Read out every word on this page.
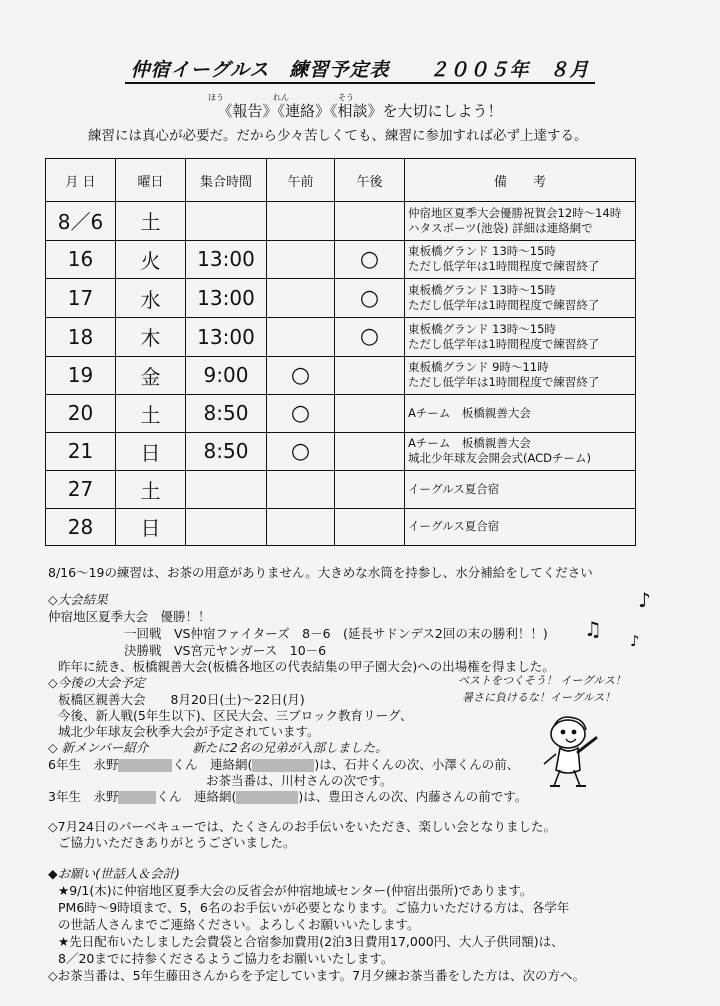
仲宿イーグルス　練習予定表　　２００５年　８月
ほう	れん	そう
《報告》《連絡》《相談》を大切にしよう！
練習には真心が必要だ。だから少々苦しくても、練習に参加すれば必ず上達する。
月 日	曜日	集合時間	午前	午後	備　　考
8／6	土				仲宿地区夏季大会優勝祝賀会12時～14時
ハタスポーツ(池袋) 詳細は連絡網で

16	火	13:00		○	東板橋グランド 13時～15時
ただし低学年は1時間程度で練習終了

17	水	13:00		○	東板橋グランド 13時～15時
ただし低学年は1時間程度で練習終了

18	木	13:00		○	東板橋グランド 13時～15時
ただし低学年は1時間程度で練習終了

19	金	9:00	○		東板橋グランド 9時～11時
ただし低学年は1時間程度で練習終了

20	土	8:50	○		Aチーム　板橋親善大会

21	日	8:50	○		Aチーム　板橋親善大会
城北少年球友会開会式(ACDチーム)

27	土				イーグルス夏合宿

28	日				イーグルス夏合宿
8/16～19の練習は、お茶の用意がありません。大きめな水筒を持参し、水分補給をしてください
♪
♫ ♪
◇大会結果
仲宿地区夏季大会　優勝！！
一回戦　VS仲宿ファイターズ　8－6　(延長サドンデス2回の末の勝利！！)
決勝戦　VS宮元ヤンガース　10－6
昨年に続き、板橋親善大会(板橋各地区の代表結集の甲子園大会)への出場権を得ました。
◇今後の大会予定
板橋区親善大会　　8月20日(土)～22日(月)
今後、新人戦(5年生以下)、区民大会、三ブロック教育リーグ、
城北少年球友会秋季大会が予定されています。
ベストをつくそう！ イーグルス！
暑さに負けるな！イーグルス！
◇ 新メンバー紹介	新たに2名の兄弟が入部しました。
6年生　永野	くん　連絡網(	)は、石井くんの次、小澤くんの前、
お茶当番は、川村さんの次です。
3年生　永野	くん　連絡網(	)は、豊田さんの次、内藤さんの前です。
◇7月24日のバーベキューでは、たくさんのお手伝いをいただき、楽しい会となりました。
ご協力いただきありがとうございました。
◆お願い(世話人＆会計)
★9/1(木)に仲宿地区夏季大会の反省会が仲宿地域センター(仲宿出張所)であります。
PM6時～9時頃まで、5，6名のお手伝いが必要となります。ご協力いただける方は、各学年
の世話人さんまでご連絡ください。よろしくお願いいたします。
★先日配布いたしました会費袋と合宿参加費用(2泊3日費用17,000円、大人子供同額)は、
8／20までに持参くださるようご協力をお願いいたします。
◇お茶当番は、5年生藤田さんからを予定しています。7月夕練お茶当番をした方は、次の方へ。
